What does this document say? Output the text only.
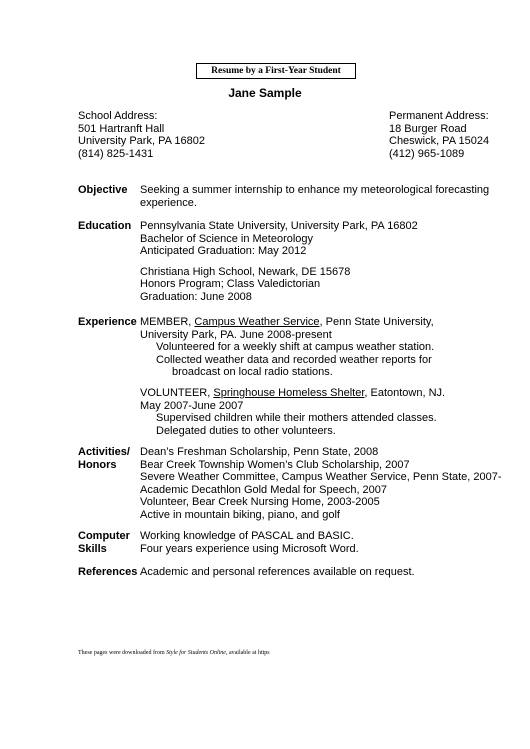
Resume by a First-Year Student
Jane Sample
School Address:
501 Hartranft Hall
University Park, PA 16802
(814) 825-1431
Permanent Address:
18 Burger Road
Cheswick, PA 15024
(412) 965-1089
Objective	Seeking a summer internship to enhance my meteorological forecasting
experience.
Education Pennsylvania State University, University Park, PA 16802
Bachelor of Science in Meteorology
Anticipated Graduation: May 2012
Christiana High School, Newark, DE 15678
Honors Program; Class Valedictorian
Graduation: June 2008
Experience MEMBER, Campus Weather Service, Penn State University,
University Park, PA. June 2008-present
Volunteered for a weekly shift at campus weather station.
Collected weather data and recorded weather reports for
broadcast on local radio stations.
VOLUNTEER, Springhouse Homeless Shelter, Eatontown, NJ.
May 2007-June 2007
Supervised children while their mothers attended classes.
Delegated duties to other volunteers.
Activities/
Honors
Dean’s Freshman Scholarship, Penn State, 2008
Bear Creek Township Women’s Club Scholarship, 2007
Severe Weather Committee, Campus Weather Service, Penn State, 2007-
Academic Decathlon Gold Medal for Speech, 2007
Volunteer, Bear Creek Nursing Home, 2003-2005
Active in mountain biking, piano, and golf
Computer
Skills
Working knowledge of PASCAL and BASIC.
Four years experience using Microsoft Word.
References Academic and personal references available on request.
These pages were downloaded from Style for Students Online, available at https
